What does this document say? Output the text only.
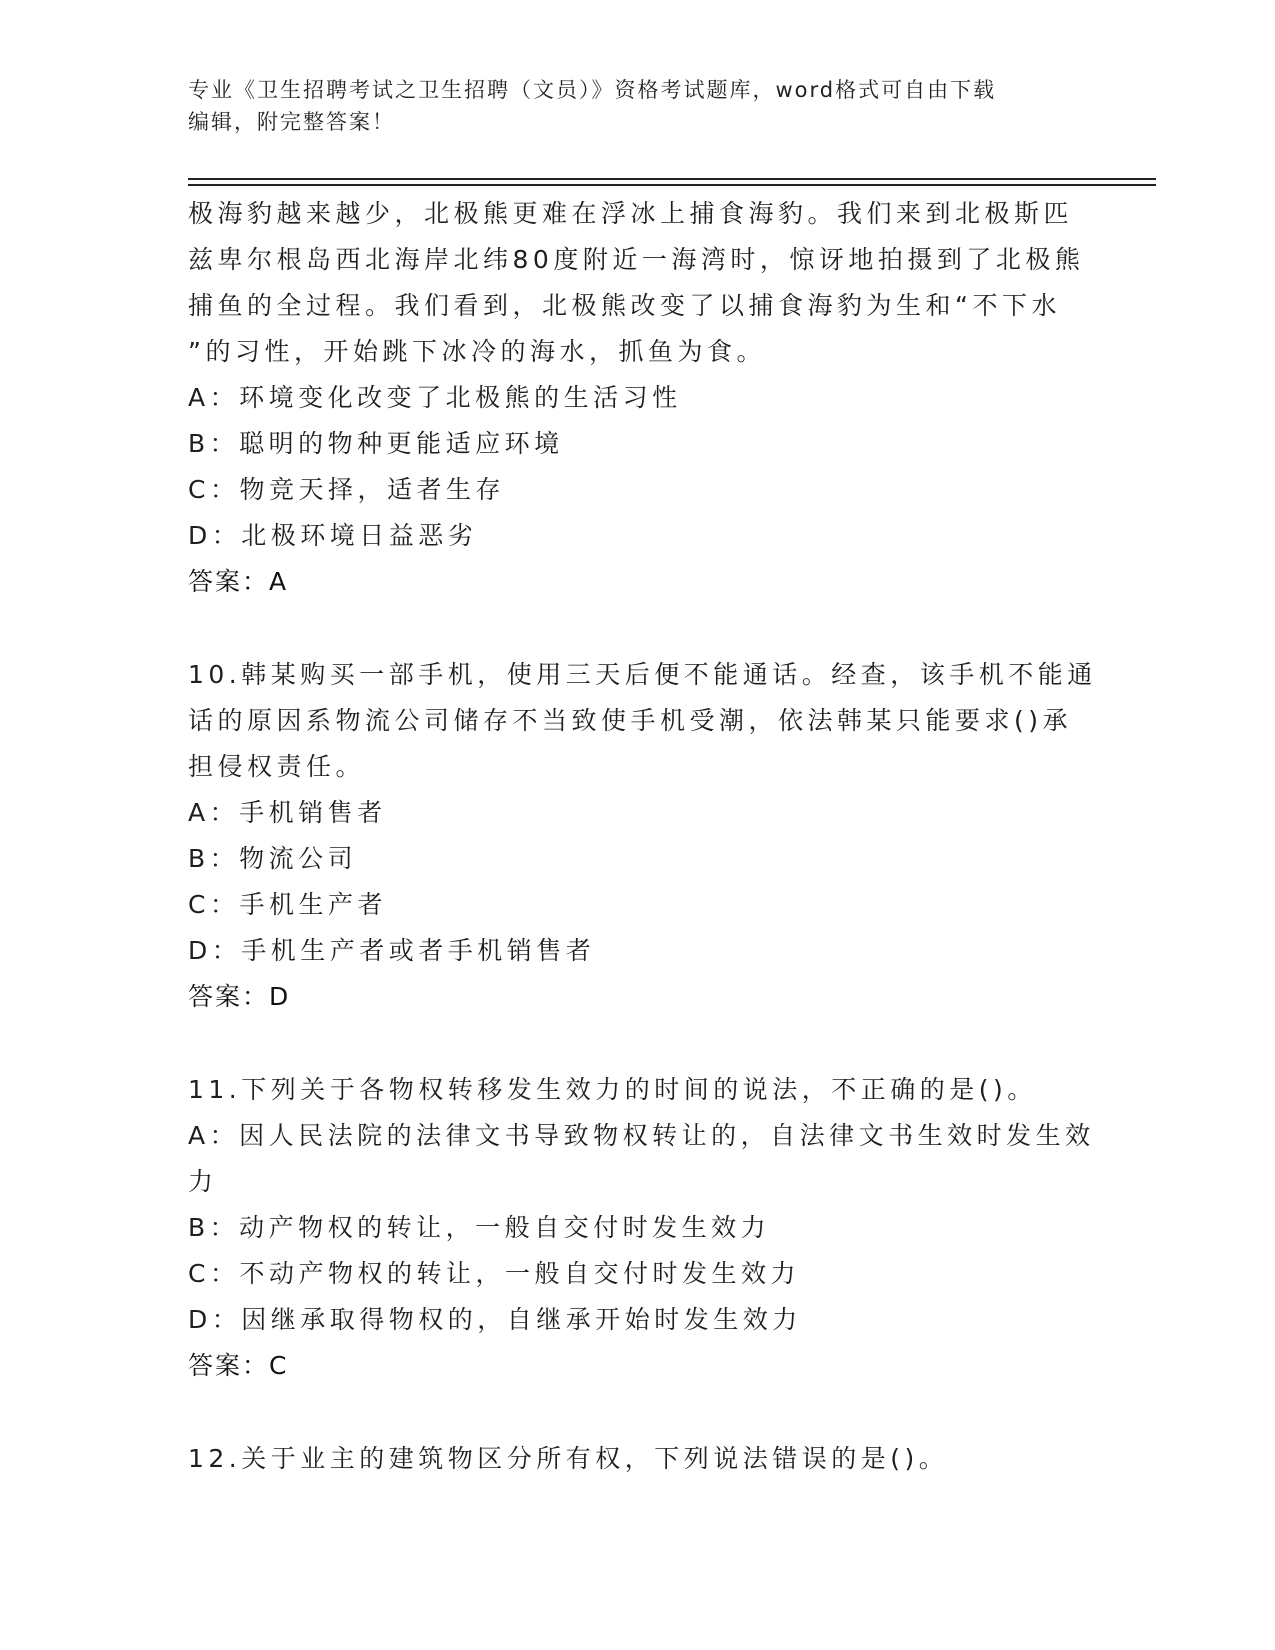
专业《卫生招聘考试之卫生招聘（文员）》资格考试题库，word格式可自由下载
编辑，附完整答案！
极海豹越来越少，北极熊更难在浮冰上捕食海豹。我们来到北极斯匹
兹卑尔根岛西北海岸北纬80度附近一海湾时，惊讶地拍摄到了北极熊
捕鱼的全过程。我们看到，北极熊改变了以捕食海豹为生和“不下水
”的习性，开始跳下冰冷的海水，抓鱼为食。
A：环境变化改变了北极熊的生活习性
B：聪明的物种更能适应环境
C：物竞天择，适者生存
D：北极环境日益恶劣
答案：A
10.韩某购买一部手机，使用三天后便不能通话。经查，该手机不能通
话的原因系物流公司储存不当致使手机受潮，依法韩某只能要求()承
担侵权责任。
A：手机销售者
B：物流公司
C：手机生产者
D：手机生产者或者手机销售者
答案：D
11.下列关于各物权转移发生效力的时间的说法，不正确的是()。
A：因人民法院的法律文书导致物权转让的，自法律文书生效时发生效
力
B：动产物权的转让，一般自交付时发生效力
C：不动产物权的转让，一般自交付时发生效力
D：因继承取得物权的，自继承开始时发生效力
答案：C
12.关于业主的建筑物区分所有权，下列说法错误的是()。
